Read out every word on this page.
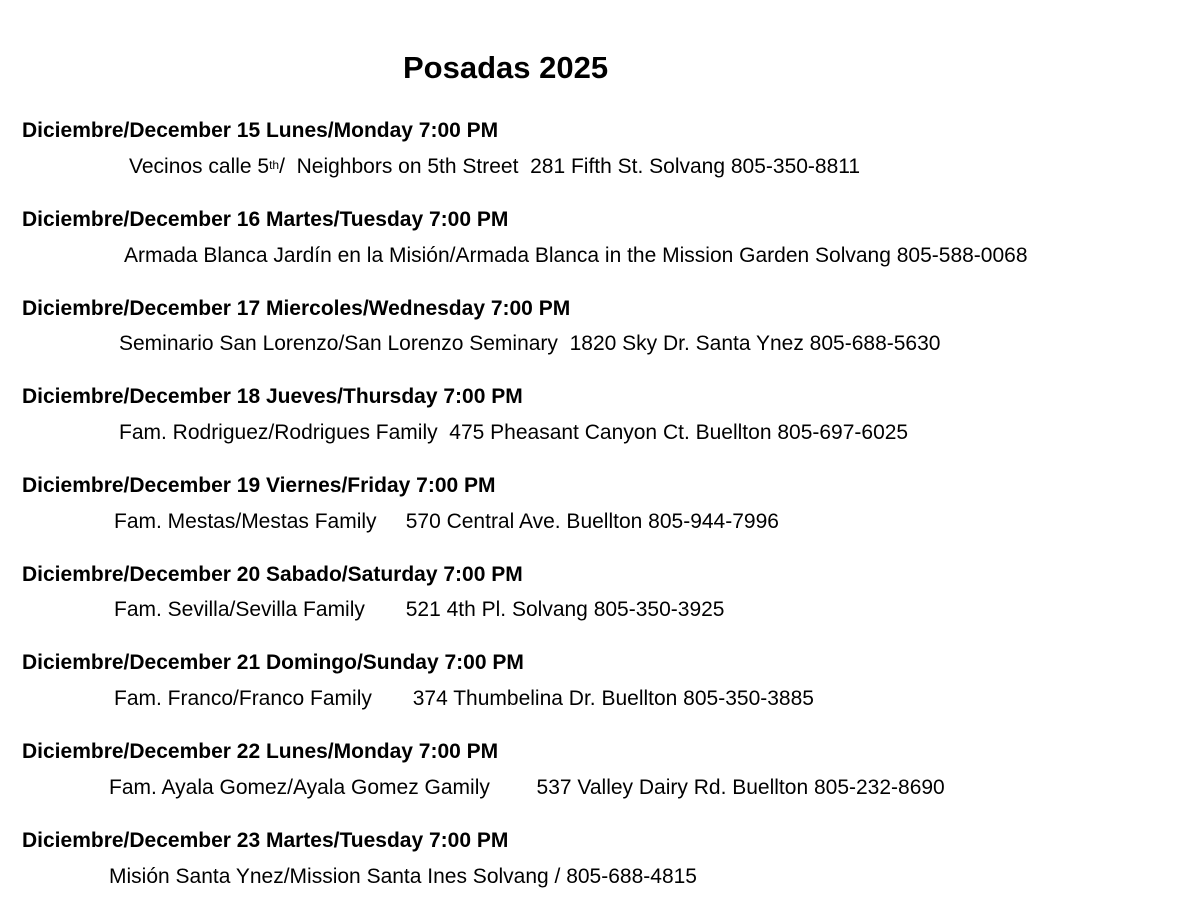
Posadas 2025
Diciembre/December 15 Lunes/Monday 7:00 PM
Vecinos calle 5th/  Neighbors on 5th Street  281 Fifth St. Solvang 805-350-8811
Diciembre/December 16 Martes/Tuesday 7:00 PM
Armada Blanca Jardín en la Misión/Armada Blanca in the Mission Garden Solvang 805-588-0068
Diciembre/December 17 Miercoles/Wednesday 7:00 PM
Seminario San Lorenzo/San Lorenzo Seminary  1820 Sky Dr. Santa Ynez 805-688-5630
Diciembre/December 18 Jueves/Thursday 7:00 PM
Fam. Rodriguez/Rodrigues Family  475 Pheasant Canyon Ct. Buellton 805-697-6025
Diciembre/December 19 Viernes/Friday 7:00 PM
Fam. Mestas/Mestas Family     570 Central Ave. Buellton 805-944-7996
Diciembre/December 20 Sabado/Saturday 7:00 PM
Fam. Sevilla/Sevilla Family       521 4th Pl. Solvang 805-350-3925
Diciembre/December 21 Domingo/Sunday 7:00 PM
Fam. Franco/Franco Family       374 Thumbelina Dr. Buellton 805-350-3885
Diciembre/December 22 Lunes/Monday 7:00 PM
Fam. Ayala Gomez/Ayala Gomez Gamily        537 Valley Dairy Rd. Buellton 805-232-8690
Diciembre/December 23 Martes/Tuesday 7:00 PM
Misión Santa Ynez/Mission Santa Ines Solvang / 805-688-4815
